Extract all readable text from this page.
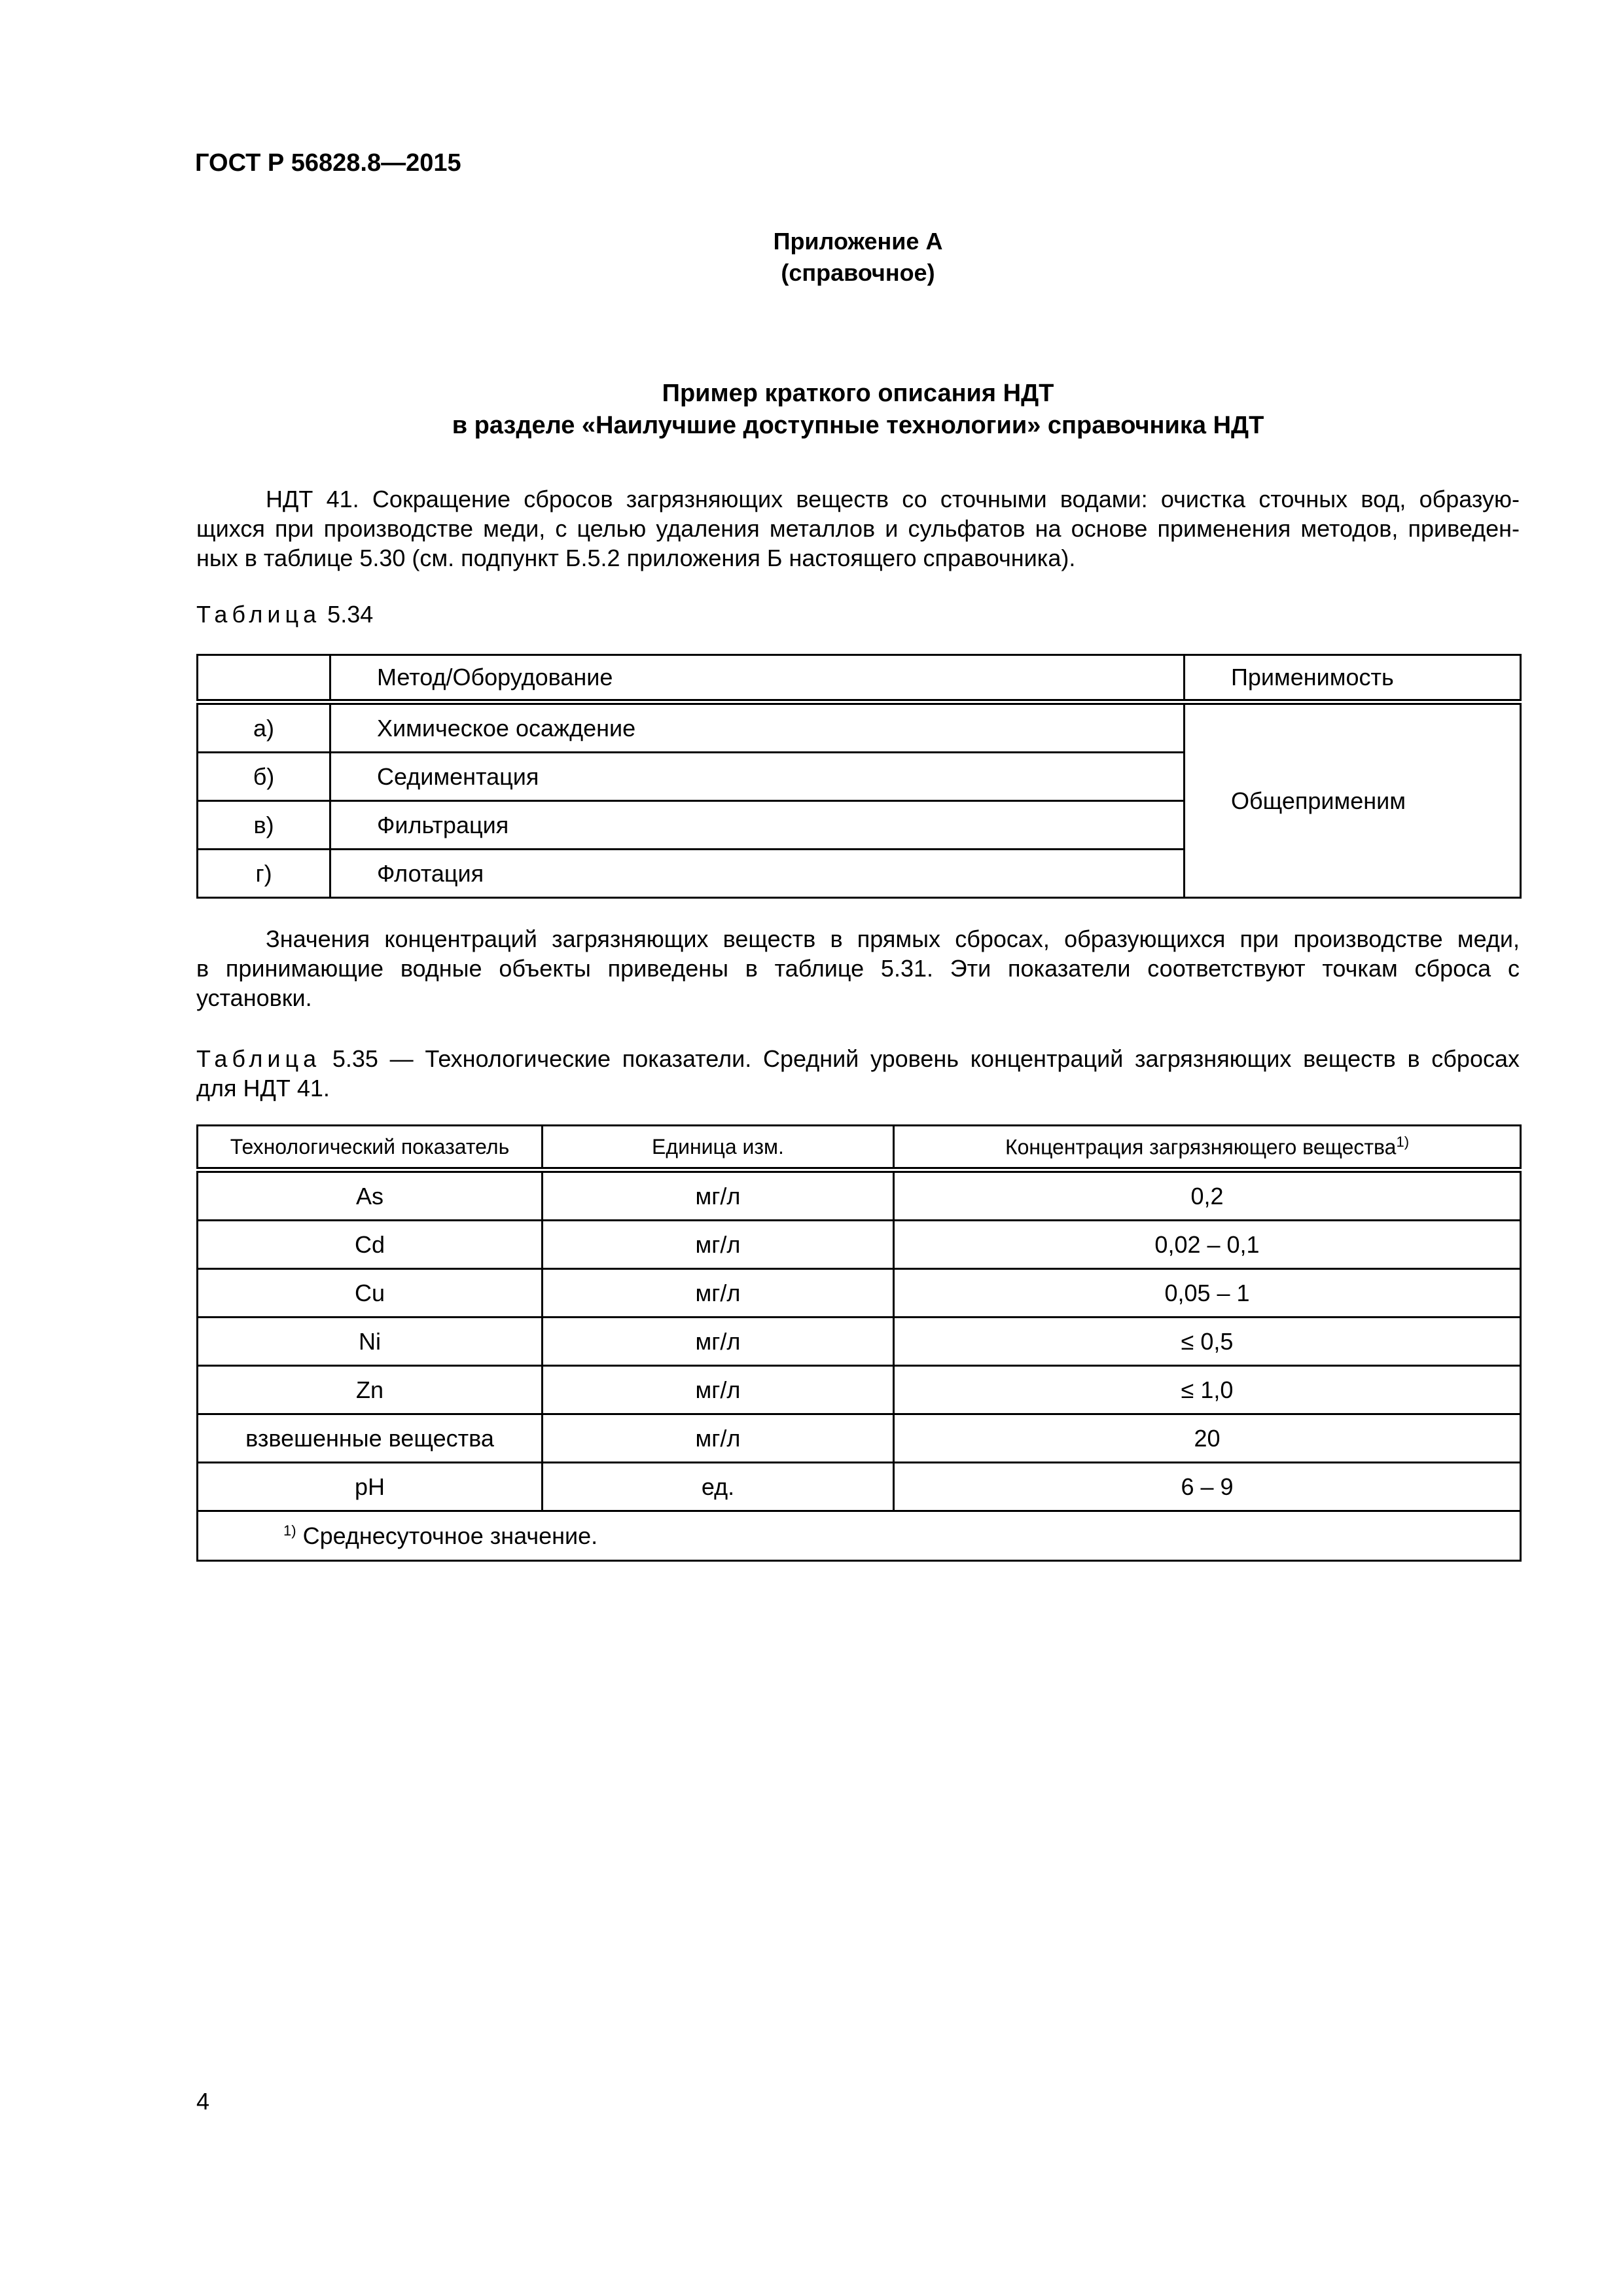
ГОСТ Р 56828.8—2015
Приложение А
(справочное)
Пример краткого описания НДТ
в разделе «Наилучшие доступные технологии» справочника НДТ
НДТ 41. Сокращение сбросов загрязняющих веществ со сточными водами: очистка сточных вод, образую-
щихся при производстве меди, с целью удаления металлов и сульфатов на основе применения методов, приведен-
ных в таблице 5.30 (см. подпункт Б.5.2 приложения Б настоящего справочника).
Таблица 5.34
	Метод/Оборудование	Применимость
а)	Химическое осаждение	Общеприменим
б)	Седиментация	
в)	Фильтрация	
г)	Флотация	
Значения концентраций загрязняющих веществ в прямых сбросах, образующихся при производстве меди,
в принимающие водные объекты приведены в таблице 5.31. Эти показатели соответствуют точкам сброса с
установки.
Таблица 5.35 — Технологические показатели. Средний уровень концентраций загрязняющих веществ в сбросах
для НДТ 41.
Технологический показатель	Единица изм.	Концентрация загрязняющего вещества$^{1)}$
As	мг/л	0,2
Cd	мг/л	0,02 – 0,1
Cu	мг/л	0,05 – 1
Ni	мг/л	≤ 0,5
Zn	мг/л	≤ 1,0
взвешенные вещества	мг/л	20
pH	ед.	6 – 9
$^{1)}$ Среднесуточное значение.		
4
